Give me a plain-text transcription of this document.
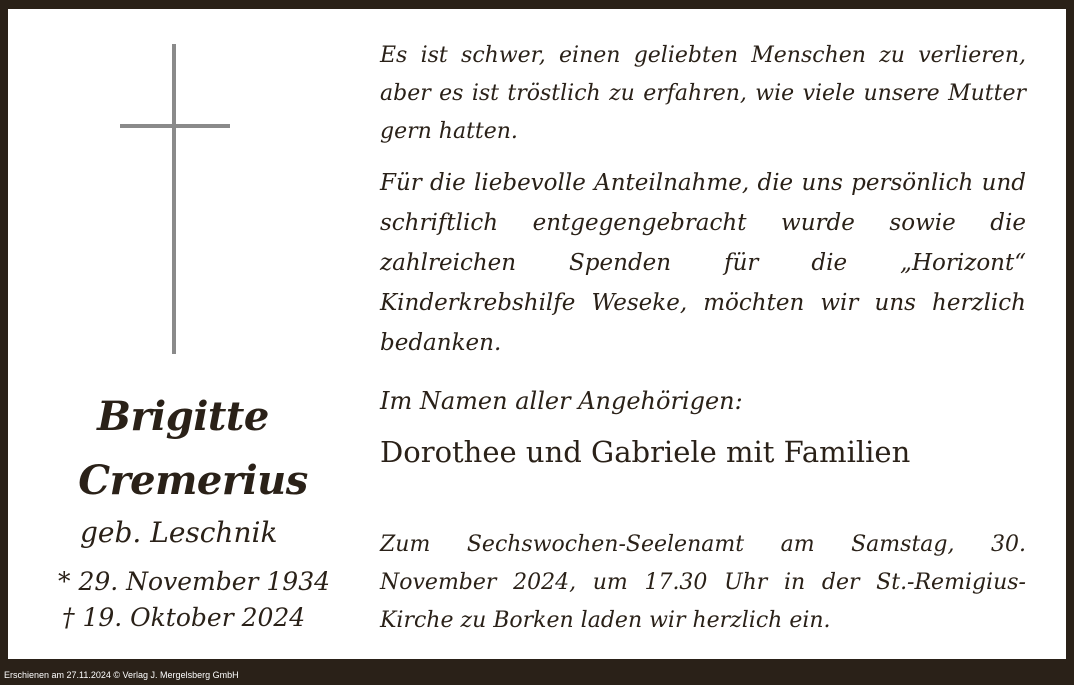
Brigitte
Cremerius
geb. Leschnik
* 29. November 1934
† 19. Oktober 2024
Es ist schwer, einen geliebten Menschen zu verlieren, aber es ist tröstlich zu erfahren, wie viele unsere Mutter gern hatten.
Für die liebevolle Anteilnahme, die uns persönlich und schriftlich entgegengebracht wurde sowie die zahlreichen Spenden für die „Horizont“ Kinderkrebshilfe Weseke, möchten wir uns herzlich bedanken.
Im Namen aller Angehörigen:
Dorothee und Gabriele mit Familien
Zum Sechswochen-Seelenamt am Samstag, 30. November 2024, um 17.30 Uhr in der St.-Remigius-Kirche zu Borken laden wir herzlich ein.
Erschienen am 27.11.2024 © Verlag J. Mergelsberg GmbH
